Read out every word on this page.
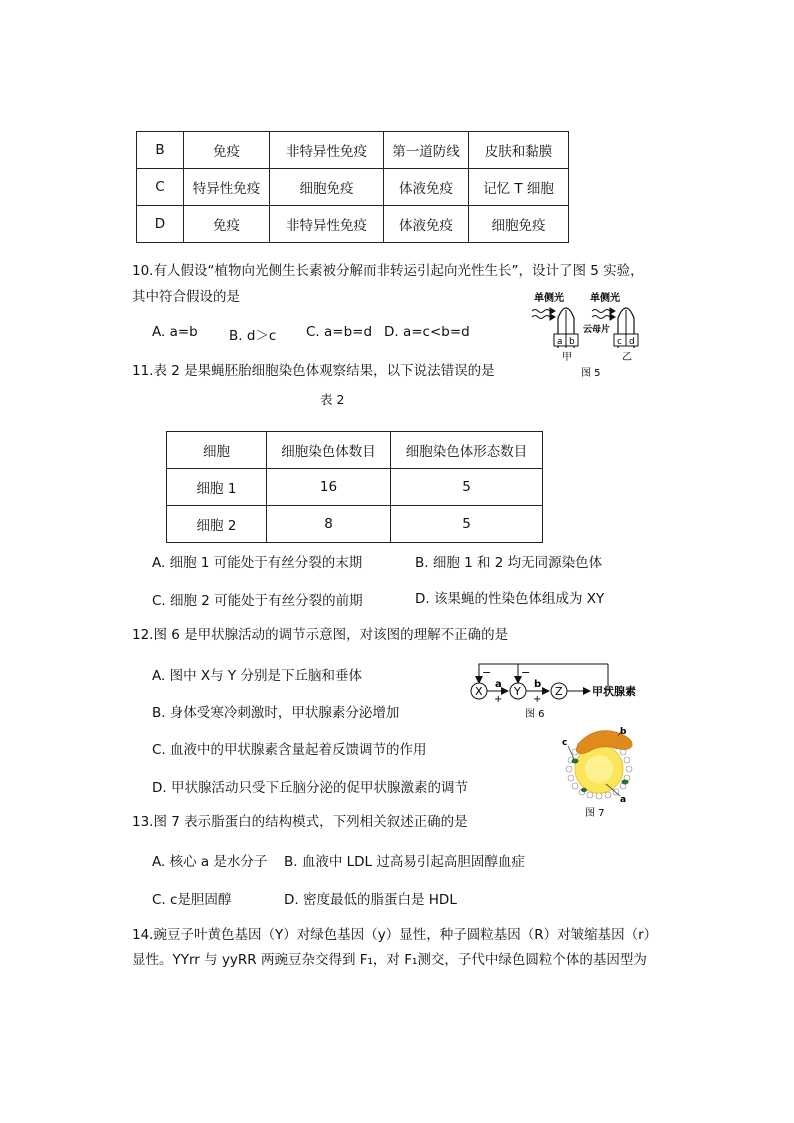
B	免疫	非特异性免疫	第一道防线	皮肤和黏膜
C	特异性免疫	细胞免疫	体液免疫	记忆 T 细胞
D	免疫	非特异性免疫	体液免疫	细胞免疫
10.有人假设“植物向光侧生长素被分解而非转运引起向光性生长”，设计了图 5 实验，
其中符合假设的是
A. a=b B. d＞c C. a=b=d D. a=c<b=d
单侧光	单侧光
云母片
a b	c d
甲	乙
图 5
11.表 2 是果蝇胚胎细胞染色体观察结果，以下说法错误的是
表 2
细胞	细胞染色体数目	细胞染色体形态数目
细胞 1	16	5
细胞 2	8	5
A. 细胞 1 可能处于有丝分裂的末期	B. 细胞 1 和 2 均无同源染色体
C. 细胞 2 可能处于有丝分裂的前期	D. 该果蝇的性染色体组成为 XY
12.图 6 是甲状腺活动的调节示意图，对该图的理解不正确的是
A. 图中 X与 Y 分别是下丘脑和垂体
B. 身体受寒冷刺激时，甲状腺素分泌增加
C. 血液中的甲状腺素含量起着反馈调节的作用
D. 甲状腺活动只受下丘脑分泌的促甲状腺激素的调节
−	−
X	Y	Z
a	b
+	+
甲状腺素
图 6
c
b
a
图 7
13.图 7 表示脂蛋白的结构模式，下列相关叙述正确的是
A. 核心 a 是水分子 B. 血液中 LDL 过高易引起高胆固醇血症
C. c是胆固醇	D. 密度最低的脂蛋白是 HDL
14.豌豆子叶黄色基因（Y）对绿色基因（y）显性，种子圆粒基因（R）对皱缩基因（r）
显性。YYrr 与 yyRR 两豌豆杂交得到 F₁，对 F₁测交，子代中绿色圆粒个体的基因型为
